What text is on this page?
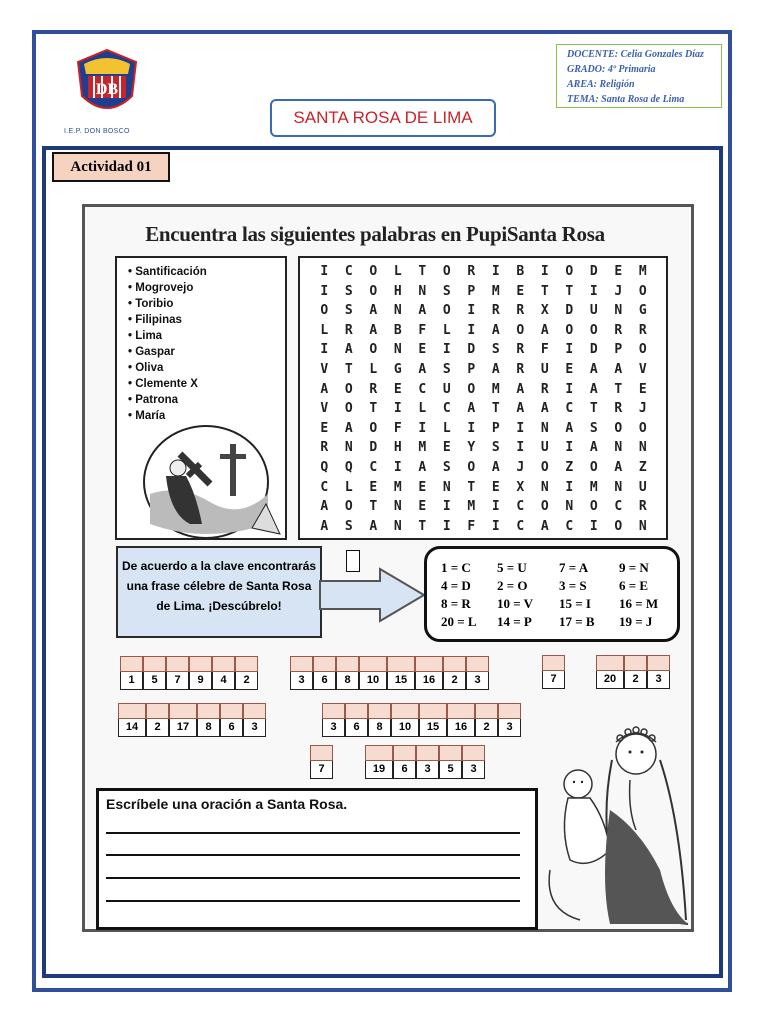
DB
I.E.P. DON BOSCO
DOCENTE: Celia Gonzales Díaz
GRADO: 4º Primaria
AREA: Religión
TEMA: Santa Rosa de Lima
SANTA ROSA DE LIMA
Actividad 01
Encuentra las siguientes palabras en PupiSanta Rosa
• Santificación
• Mogrovejo
• Toribio
• Filipinas
• Lima
• Gaspar
• Oliva
• Clemente X
• Patrona
• María
I	C	O	L	T	O	R	I	B	I	O	D	E	M
I	S	O	H	N	S	P	M	E	T	T	I	J	O
O	S	A	N	A	O	I	R	R	X	D	U	N	G
L	R	A	B	F	L	I	A	O	A	O	O	R	R
I	A	O	N	E	I	D	S	R	F	I	D	P	O
V	T	L	G	A	S	P	A	R	U	E	A	A	V
A	O	R	E	C	U	O	M	A	R	I	A	T	E
V	O	T	I	L	C	A	T	A	A	C	T	R	J
E	A	O	F	I	L	I	P	I	N	A	S	O	O
R	N	D	H	M	E	Y	S	I	U	I	A	N	N
Q	Q	C	I	A	S	O	A	J	O	Z	O	A	Z
C	L	E	M	E	N	T	E	X	N	I	M	N	U
A	O	T	N	E	I	M	I	C	O	N	O	C	R
A	S	A	N	T	I	F	I	C	A	C	I	O	N
De acuerdo a la clave encontrarás una frase célebre de Santa Rosa de Lima. ¡Descúbrelo!
1 = C	5 = U	7 = A	9 = N
4 = D	2 = O	3 = S	6 = E
8 = R	10 = V	15 = I	16 = M
20 = L	14 = P	17 = B	19 = J
1	5	7	9	4	2	3	6	8	10	15	16	2	3	7	20	2	3
14	2	17	8	6	3	3	6	8	10	15	16	2	3
7	19	6	3	5	3
Escríbele una oración a Santa Rosa.
